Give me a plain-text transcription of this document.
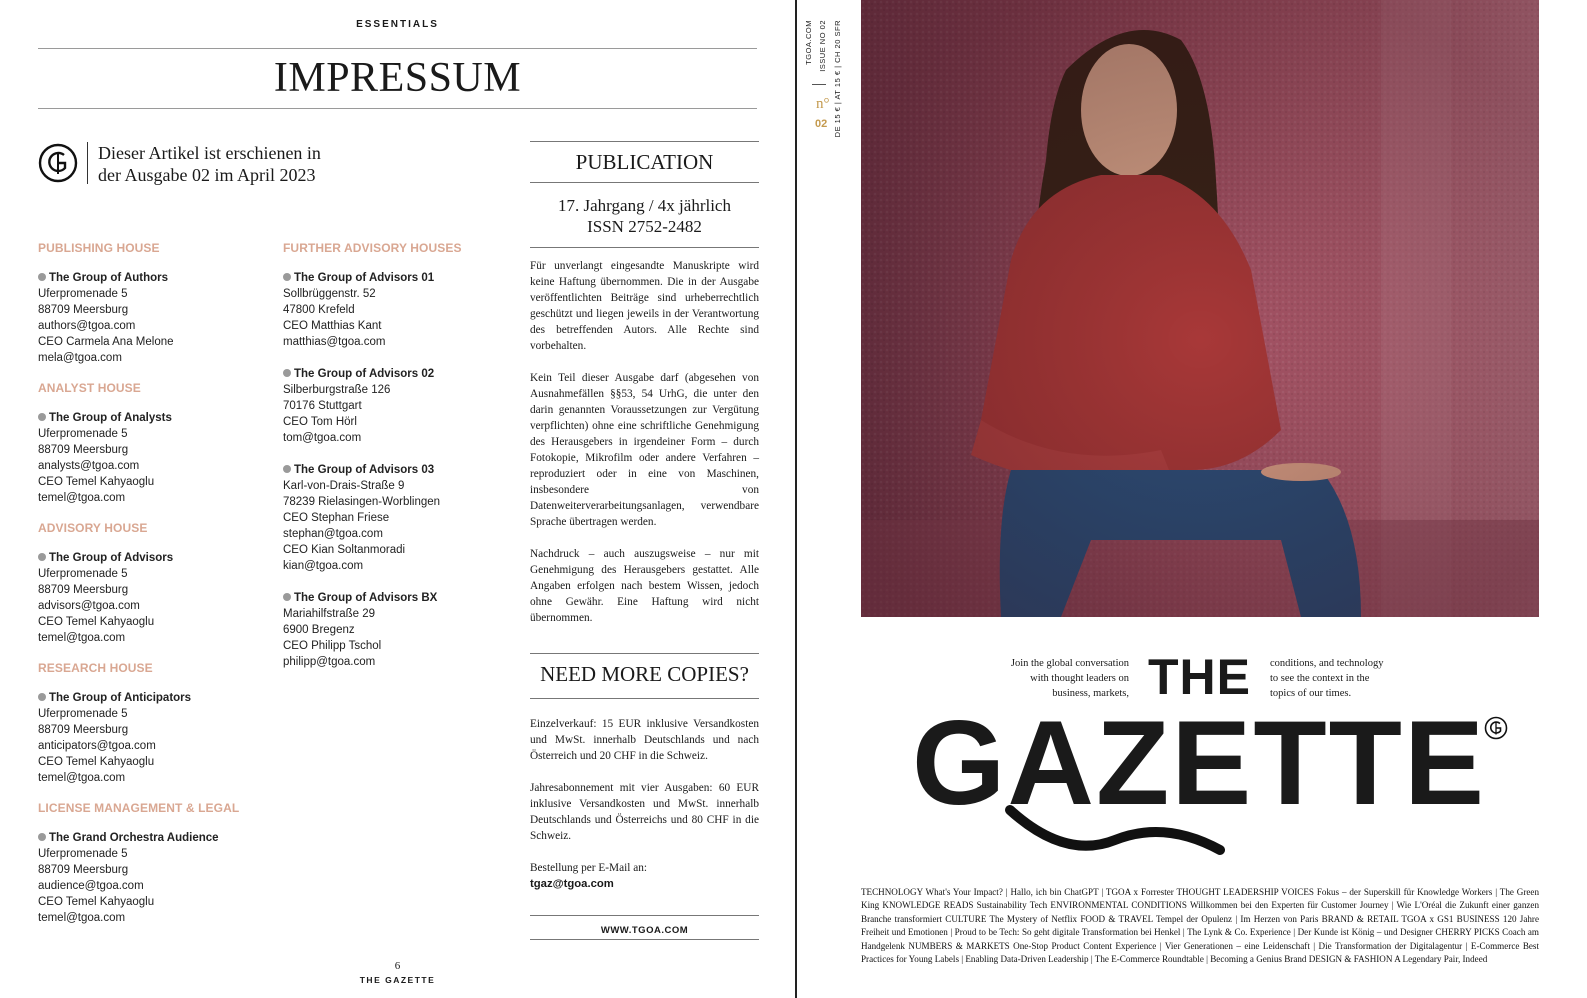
ESSENTIALS
IMPRESSUM
Dieser Artikel ist erschienen in
der Ausgabe 02 im April 2023
PUBLISHING HOUSE
The Group of Authors
Uferpromenade 5
88709 Meersburg
authors@tgoa.com
CEO Carmela Ana Melone
mela@tgoa.com
ANALYST HOUSE
The Group of Analysts
Uferpromenade 5
88709 Meersburg
analysts@tgoa.com
CEO Temel Kahyaoglu
temel@tgoa.com
ADVISORY HOUSE
The Group of Advisors
Uferpromenade 5
88709 Meersburg
advisors@tgoa.com
CEO Temel Kahyaoglu
temel@tgoa.com
RESEARCH HOUSE
The Group of Anticipators
Uferpromenade 5
88709 Meersburg
anticipators@tgoa.com
CEO Temel Kahyaoglu
temel@tgoa.com
LICENSE MANAGEMENT & LEGAL
The Grand Orchestra Audience
Uferpromenade 5
88709 Meersburg
audience@tgoa.com
CEO Temel Kahyaoglu
temel@tgoa.com
FURTHER ADVISORY HOUSES
The Group of Advisors 01
Sollbrüggenstr. 52
47800 Krefeld
CEO Matthias Kant
matthias@tgoa.com
The Group of Advisors 02
Silberburgstraße 126
70176 Stuttgart
CEO Tom Hörl
tom@tgoa.com
The Group of Advisors 03
Karl-von-Drais-Straße 9
78239 Rielasingen-Worblingen
CEO Stephan Friese
stephan@tgoa.com
CEO Kian Soltanmoradi
kian@tgoa.com
The Group of Advisors BX
Mariahilfstraße 29
6900 Bregenz
CEO Philipp Tschol
philipp@tgoa.com
PUBLICATION
17. Jahrgang / 4x jährlich
ISSN 2752-2482

Für unverlangt eingesandte Manuskripte wird keine Haftung übernommen. Die in der Ausgabe veröffentlichten Beiträge sind urheberrechtlich geschützt und liegen jeweils in der Verantwortung des betreffenden Autors. Alle Rechte sind vorbehalten.

Kein Teil dieser Ausgabe darf (abgesehen von Ausnahmefällen §§53, 54 UrhG, die unter den darin genannten Voraussetzungen zur Vergütung verpflichten) ohne eine schriftliche Genehmigung des Herausgebers in irgendeiner Form – durch Fotokopie, Mikrofilm oder andere Verfahren – reproduziert oder in eine von Maschinen, insbesondere von Datenweiterverarbeitungsanlagen, verwendbare Sprache übertragen werden.

Nachdruck – auch auszugsweise – nur mit Genehmigung des Herausgebers gestattet. Alle Angaben erfolgen nach bestem Wissen, jedoch ohne Gewähr. Eine Haftung wird nicht übernommen.

NEED MORE COPIES?

Einzelverkauf: 15 EUR inklusive Versandkosten und MwSt. innerhalb Deutschlands und nach Österreich und 20 CHF in die Schweiz.

Jahresabonnement mit vier Ausgaben: 60 EUR inklusive Versandkosten und MwSt. innerhalb Deutschlands und Österreichs und 80 CHF in die Schweiz.

Bestellung per E-Mail an:
tgaz@tgoa.com

WWW.TGOA.COM
6
THE GAZETTE
TGOA.COM ISSUE NO 02 DE 15 € | AT 15 € | CH 20 SFR
n°
02
Join the global conversation
with thought leaders on
business, markets, THE conditions, and technology
to see the context in the
topics of our times.
GAZETTE
TECHNOLOGY What's Your Impact? | Hallo, ich bin ChatGPT | TGOA x Forrester THOUGHT LEADERSHIP VOICES Fokus – der Superskill für Knowledge Workers | The Green King KNOWLEDGE READS Sustainability Tech ENVIRONMENTAL CONDITIONS Willkommen bei den Experten für Customer Journey | Wie L'Oréal die Zukunft einer ganzen Branche transformiert CULTURE The Mystery of Netflix FOOD & TRAVEL Tempel der Opulenz | Im Herzen von Paris BRAND & RETAIL TGOA x GS1 BUSINESS 120 Jahre Freiheit und Emotionen | Proud to be Tech: So geht digitale Transformation bei Henkel | The Lynk & Co. Experience | Der Kunde ist König – und Designer CHERRY PICKS Coach am Handgelenk NUMBERS & MARKETS One-Stop Product Content Experience | Vier Generationen – eine Leidenschaft | Die Transformation der Digitalagentur | E-Commerce Best Practices for Young Labels | Enabling Data-Driven Leadership | The E-Commerce Roundtable | Becoming a Genius Brand DESIGN & FASHION A Legendary Pair, Indeed
